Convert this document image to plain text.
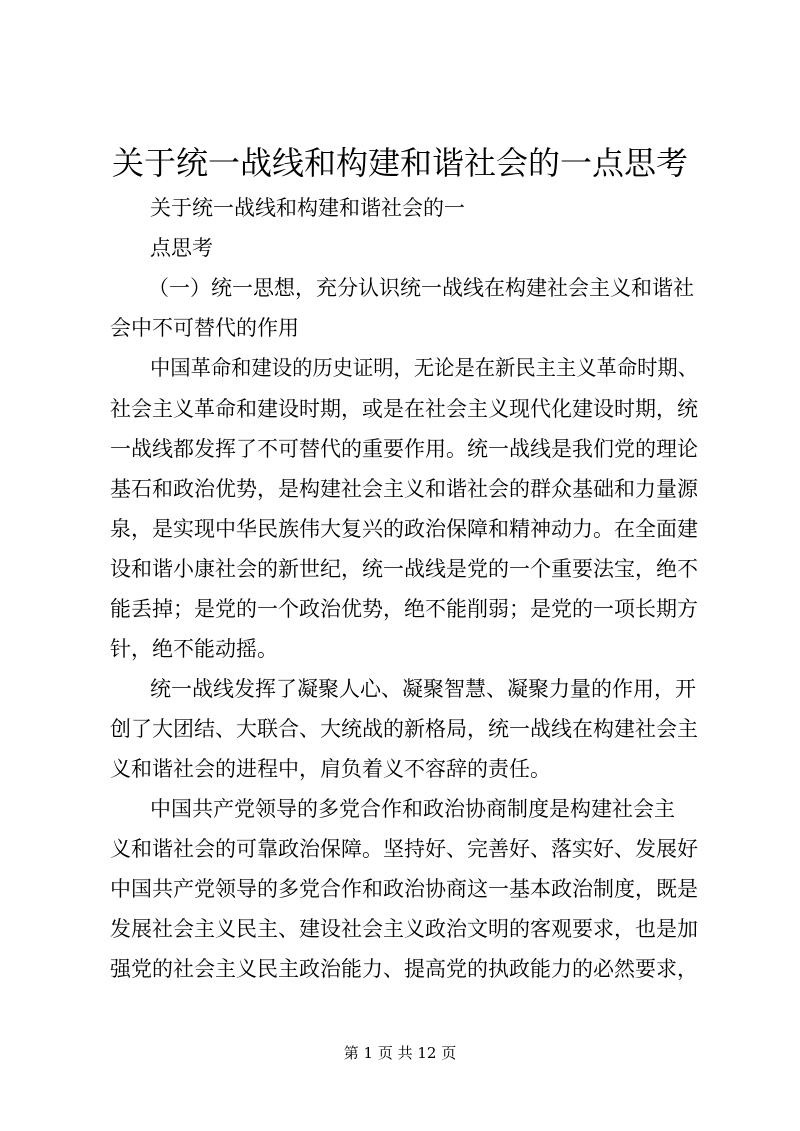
关于统一战线和构建和谐社会的一点思考
关于统一战线和构建和谐社会的一
点思考
（一）统一思想，充分认识统一战线在构建社会主义和谐社
会中不可替代的作用
中国革命和建设的历史证明，无论是在新民主主义革命时期、
社会主义革命和建设时期，或是在社会主义现代化建设时期，统
一战线都发挥了不可替代的重要作用。统一战线是我们党的理论
基石和政治优势，是构建社会主义和谐社会的群众基础和力量源
泉，是实现中华民族伟大复兴的政治保障和精神动力。在全面建
设和谐小康社会的新世纪，统一战线是党的一个重要法宝，绝不
能丢掉；是党的一个政治优势，绝不能削弱；是党的一项长期方
针，绝不能动摇。
统一战线发挥了凝聚人心、凝聚智慧、凝聚力量的作用，开
创了大团结、大联合、大统战的新格局，统一战线在构建社会主
义和谐社会的进程中，肩负着义不容辞的责任。
中国共产党领导的多党合作和政治协商制度是构建社会主
义和谐社会的可靠政治保障。坚持好、完善好、落实好、发展好
中国共产党领导的多党合作和政治协商这一基本政治制度，既是
发展社会主义民主、建设社会主义政治文明的客观要求，也是加
强党的社会主义民主政治能力、提高党的执政能力的必然要求，
第 1 页 共 12 页
